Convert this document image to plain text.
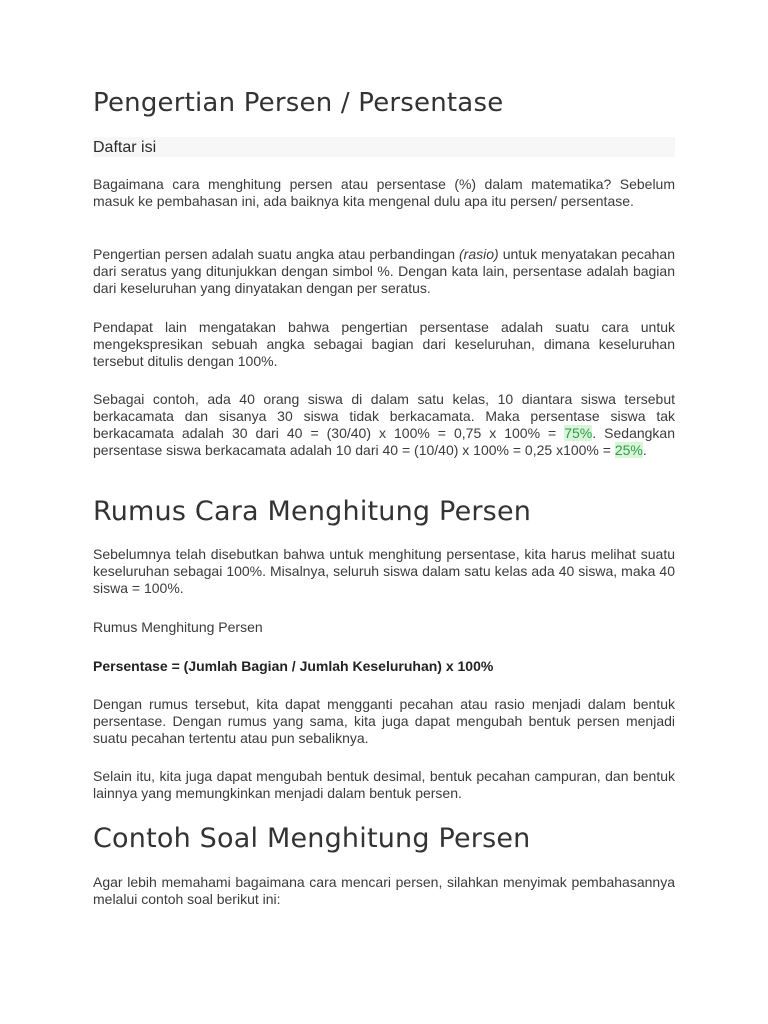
Pengertian Persen / Persentase
Daftar isi

Bagaimana cara menghitung persen atau persentase (%) dalam matematika? Sebelum masuk ke pembahasan ini, ada baiknya kita mengenal dulu apa itu persen/ persentase.

Pengertian persen adalah suatu angka atau perbandingan (rasio) untuk menyatakan pecahan dari seratus yang ditunjukkan dengan simbol %. Dengan kata lain, persentase adalah bagian dari keseluruhan yang dinyatakan dengan per seratus.

Pendapat lain mengatakan bahwa pengertian persentase adalah suatu cara untuk mengekspresikan sebuah angka sebagai bagian dari keseluruhan, dimana keseluruhan tersebut ditulis dengan 100%.

Sebagai contoh, ada 40 orang siswa di dalam satu kelas, 10 diantara siswa tersebut berkacamata dan sisanya 30 siswa tidak berkacamata. Maka persentase siswa tak berkacamata adalah 30 dari 40 = (30/40) x 100% = 0,75 x 100% = 75%. Sedangkan persentase siswa berkacamata adalah 10 dari 40 = (10/40) x 100% = 0,25 x100% = 25%.

Rumus Cara Menghitung Persen

Sebelumnya telah disebutkan bahwa untuk menghitung persentase, kita harus melihat suatu keseluruhan sebagai 100%. Misalnya, seluruh siswa dalam satu kelas ada 40 siswa, maka 40 siswa = 100%.

Rumus Menghitung Persen

Persentase = (Jumlah Bagian / Jumlah Keseluruhan) x 100%

Dengan rumus tersebut, kita dapat mengganti pecahan atau rasio menjadi dalam bentuk persentase. Dengan rumus yang sama, kita juga dapat mengubah bentuk persen menjadi suatu pecahan tertentu atau pun sebaliknya.

Selain itu, kita juga dapat mengubah bentuk desimal, bentuk pecahan campuran, dan bentuk lainnya yang memungkinkan menjadi dalam bentuk persen.

Contoh Soal Menghitung Persen

Agar lebih memahami bagaimana cara mencari persen, silahkan menyimak pembahasannya melalui contoh soal berikut ini:
